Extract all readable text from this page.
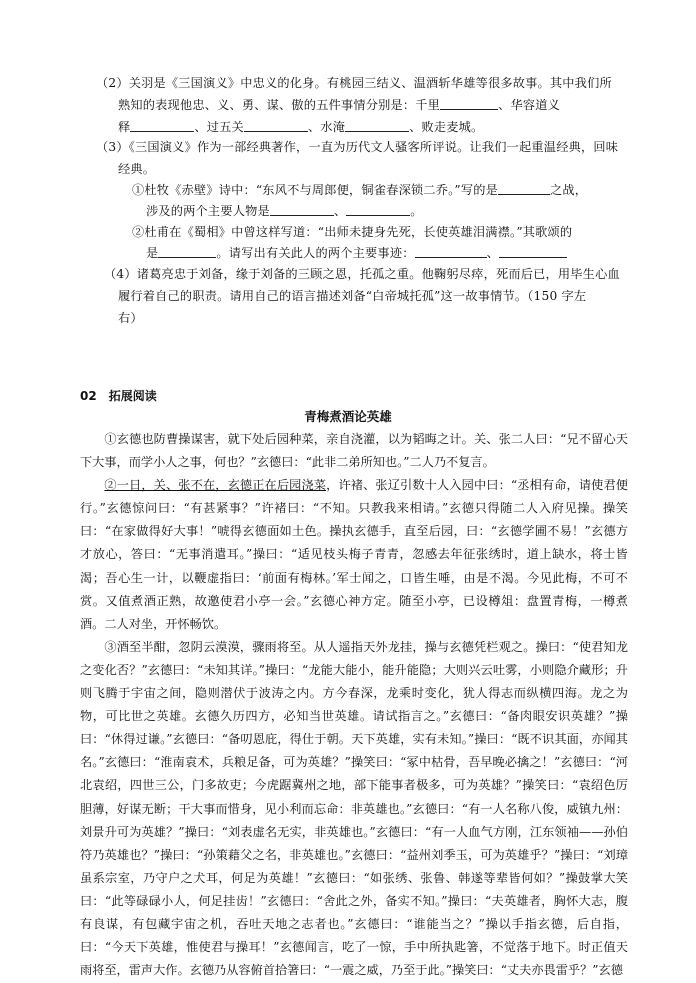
（2）关羽是《三国演义》中忠义的化身。有桃园三结义、温酒斩华雄等很多故事。其中我们所
熟知的表现他忠、义、勇、谋、傲的五件事情分别是：千里	、华容道义
释	、过五关	、水淹	、败走麦城。
（3）《三国演义》作为一部经典著作，一直为历代文人骚客所评说。让我们一起重温经典，回味
经典。
①杜牧《赤壁》诗中：“东风不与周郎便，铜雀春深锁二乔。”写的是	之战，
涉及的两个主要人物是	、	。
②杜甫在《蜀相》中曾这样写道：“出师未捷身先死，长使英雄泪满襟。”其歌颂的
是	。请写出有关此人的两个主要事迹：	、
（4）诸葛亮忠于刘备，缘于刘备的三顾之恩，托孤之重。他鞠躬尽瘁，死而后已，用毕生心血
履行着自己的职责。请用自己的语言描述刘备“白帝城托孤”这一故事情节。（150 字左
右）
02  拓展阅读
青梅煮酒论英雄

①玄德也防曹操谋害，就下处后园种菜，亲自浇灌，以为韬晦之计。关、张二人曰：“兄不留心天下大事，而学小人之事，何也？”玄德曰：“此非二弟所知也。”二人乃不复言。

②一日，关、张不在，玄德正在后园浇菜，许褚、张辽引数十人入园中曰：“丞相有命，请使君便行。”玄德惊问曰：“有甚紧事？”许褚曰：“不知。只教我来相请。”玄德只得随二人入府见操。操笑曰：“在家做得好大事！”唬得玄德面如土色。操执玄德手，直至后园，曰：“玄德学圃不易！”玄德方才放心，答曰：“无事消遣耳。”操曰：“适见枝头梅子青青，忽感去年征张绣时，道上缺水，将士皆渴；吾心生一计，以鞭虚指曰：‘前面有梅林。’军士闻之，口皆生唾，由是不渴。今见此梅，不可不赏。又值煮酒正熟，故邀使君小亭一会。”玄德心神方定。随至小亭，已设樽俎：盘置青梅，一樽煮酒。二人对坐，开怀畅饮。

③酒至半酣，忽阴云漠漠，骤雨将至。从人遥指天外龙挂，操与玄德凭栏观之。操曰：“使君知龙之变化否？”玄德曰：“未知其详。”操曰：“龙能大能小，能升能隐；大则兴云吐雾，小则隐介藏形；升则飞腾于宇宙之间，隐则潜伏于波涛之内。方今春深，龙乘时变化，犹人得志而纵横四海。龙之为物，可比世之英雄。玄德久历四方，必知当世英雄。请试指言之。”玄德曰：“备肉眼安识英雄？”操曰：“休得过谦。”玄德曰：“备叨恩庇，得仕于朝。天下英雄，实有未知。”操曰：“既不识其面，亦闻其名。”玄德曰：“淮南袁术，兵粮足备，可为英雄？”操笑曰：“冢中枯骨，吾早晚必擒之！”玄德曰：“河北袁绍，四世三公，门多故吏；今虎踞冀州之地，部下能事者极多，可为英雄？”操笑曰：“袁绍色厉胆薄，好谋无断；干大事而惜身，见小利而忘命：非英雄也。”玄德曰：“有一人名称八俊，威镇九州：刘景升可为英雄？”操曰：“刘表虚名无实，非英雄也。”玄德曰：“有一人血气方刚，江东领袖——孙伯符乃英雄也？”操曰：“孙策藉父之名，非英雄也。”玄德曰：“益州刘季玉，可为英雄乎？”操曰：“刘璋虽系宗室，乃守户之犬耳，何足为英雄！”玄德曰：“如张绣、张鲁、韩遂等辈皆何如？”操鼓掌大笑曰：“此等碌碌小人，何足挂齿！”玄德曰：“舍此之外，备实不知。”操曰：“夫英雄者，胸怀大志，腹有良谋，有包藏宇宙之机，吞吐天地之志者也。”玄德曰：“谁能当之？”操以手指玄德，后自指，曰：“今天下英雄，惟使君与操耳！”玄德闻言，吃了一惊，手中所执匙箸，不觉落于地下。时正值天雨将至，雷声大作。玄德乃从容俯首拾箸曰：“一震之威，乃至于此。”操笑曰：“丈夫亦畏雷乎？”玄德
